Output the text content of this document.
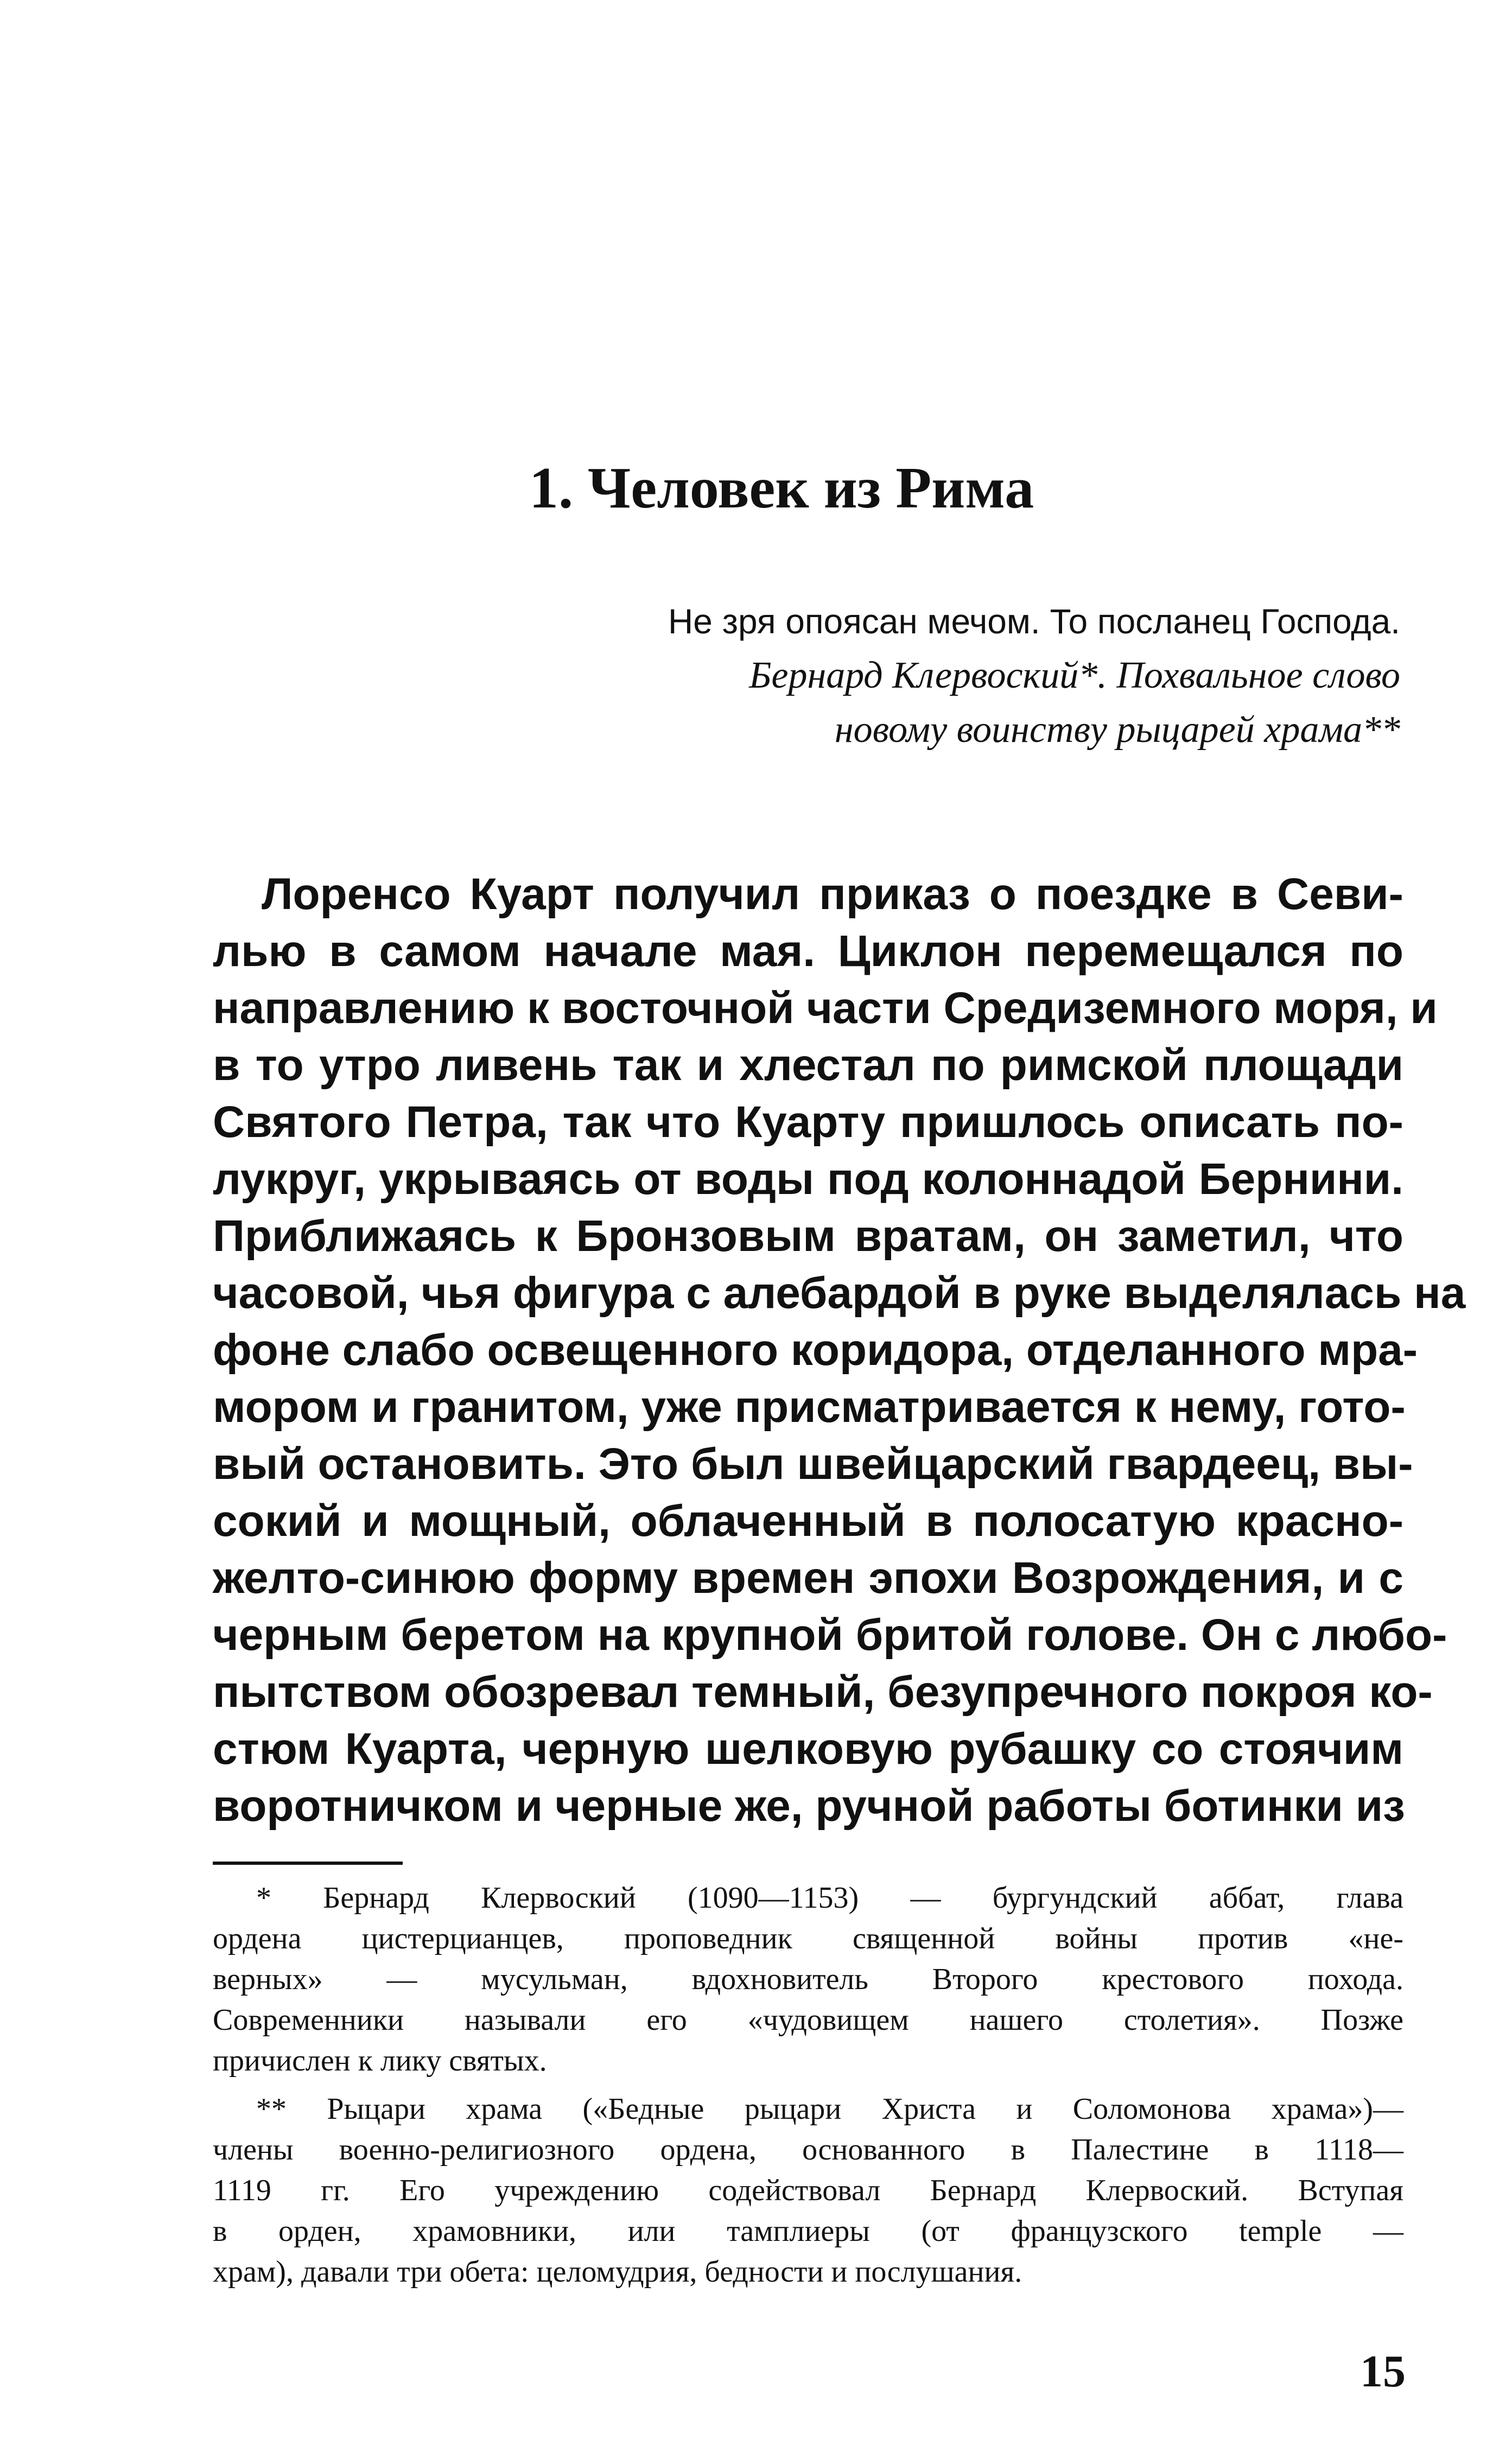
1. Человек из Рима
Не зря опоясан мечом. То посланец Господа.
Бернард Клервоский*. Похвальное слово
новому воинству рыцарей храма**
Лоренсо Куарт получил приказ о поездке в Севи-
лью в самом начале мая. Циклон перемещался по
направлению к восточной части Средиземного моря, и
в то утро ливень так и хлестал по римской площади
Святого Петра, так что Куарту пришлось описать по-
лукруг, укрываясь от воды под колоннадой Бернини.
Приближаясь к Бронзовым вратам, он заметил, что
часовой, чья фигура с алебардой в руке выделялась на
фоне слабо освещенного коридора, отделанного мра-
мором и гранитом, уже присматривается к нему, гото-
вый остановить. Это был швейцарский гвардеец, вы-
сокий и мощный, облаченный в полосатую красно-
желто-синюю форму времен эпохи Возрождения, и с
черным беретом на крупной бритой голове. Он с любо-
пытством обозревал темный, безупречного покроя ко-
стюм Куарта, черную шелковую рубашку со стоячим
воротничком и черные же, ручной работы ботинки из
* Бернард Клервоский (1090—1153) — бургундский аббат, глава
ордена цистерцианцев, проповедник священной войны против «не-
верных» — мусульман, вдохновитель Второго крестового похода.
Современники называли его «чудовищем нашего столетия». Позже
причислен к лику святых.
** Рыцари храма («Бедные рыцари Христа и Соломонова храма»)—
члены военно-религиозного ордена, основанного в Палестине в 1118—
1119 гг. Его учреждению содействовал Бернард Клервоский. Вступая
в орден, храмовники, или тамплиеры (от французского temple —
храм), давали три обета: целомудрия, бедности и послушания.
15
